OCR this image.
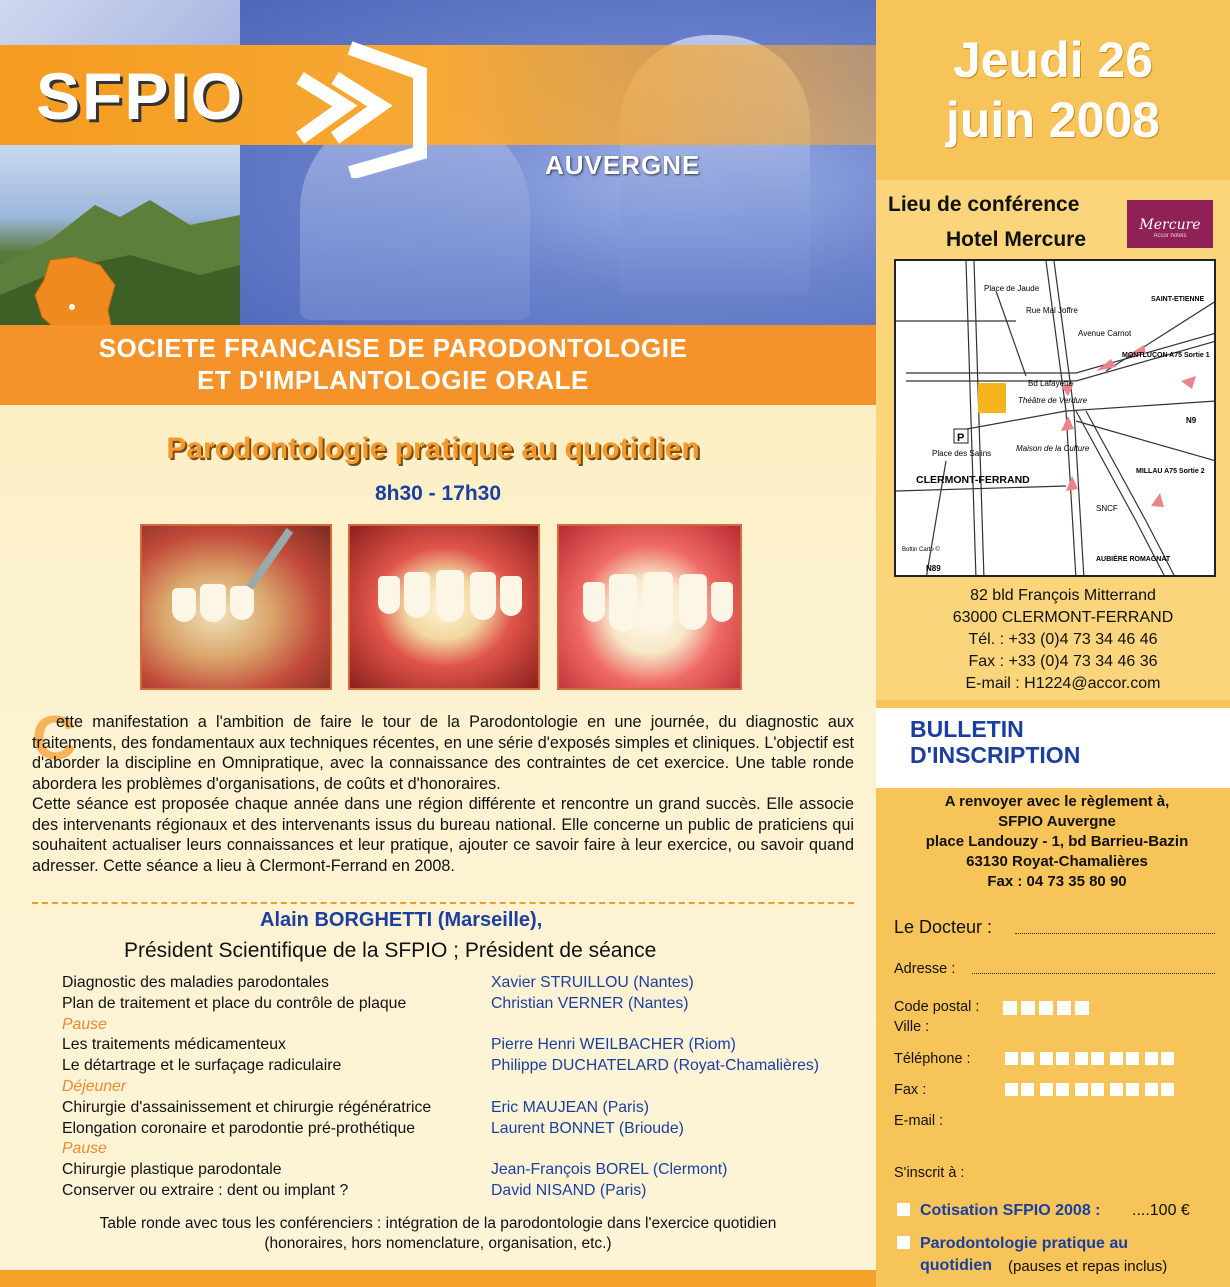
SFPIO
AUVERGNE
SOCIETE FRANCAISE DE PARODONTOLOGIE
ET D'IMPLANTOLOGIE ORALE
Parodontologie pratique au quotidien
8h30 - 17h30
C

ette manifestation a l'ambition de faire le tour de la Parodontologie en une journée, du diagnostic aux traitements, des fondamentaux aux techniques récentes, en une série d'exposés simples et cliniques. L'objectif est d'aborder la discipline en Omnipratique, avec la connaissance des contraintes de cet exercice. Une table ronde abordera les problèmes d'organisations, de coûts et d'honoraires.

Cette séance est proposée chaque année dans une région différente et rencontre un grand succès. Elle associe des intervenants régionaux et des intervenants issus du bureau national. Elle concerne un public de praticiens qui souhaitent actualiser leurs connaissances et leur pratique, ajouter ce savoir faire à leur exercice, ou savoir quand adresser. Cette séance a lieu à Clermont-Ferrand en 2008.

Alain BORGHETTI (Marseille),
Président Scientifique de la SFPIO ; Président de séance
Diagnostic des maladies parodontales	Xavier STRUILLOU (Nantes)
Plan de traitement et place du contrôle de plaque	Christian VERNER (Nantes)
Pause
Les traitements médicamenteux	Pierre Henri WEILBACHER (Riom)
Le détartrage et le surfaçage radiculaire	Philippe DUCHATELARD (Royat-Chamalières)
Déjeuner
Chirurgie d'assainissement et chirurgie régénératrice	Eric MAUJEAN (Paris)
Elongation coronaire et parodontie pré-prothétique	Laurent BONNET (Brioude)
Pause
Chirurgie plastique parodontale	Jean-François BOREL (Clermont)
Conserver ou extraire : dent ou implant ?	David NISAND (Paris)
Table ronde avec tous les conférenciers : intégration de la parodontologie dans l'exercice quotidien
(honoraires, hors nomenclature, organisation, etc.)
Jeudi 26
juin 2008
Lieu de conférence
Hotel Mercure
Mercure
Accor hotels
P
Place de Jaude
Rue Mal Joffre
Avenue Carnot
SAINT-ETIENNE
MONTLUÇON A75 Sortie 1
Bd Lafayette
Théâtre de Verdure
N9
Place des Salins
Maison de la Culture
MILLAU A75 Sortie 2
SNCF
AUBIÈRE ROMAGNAT
N89
Bottin Carto ©
CLERMONT-FERRAND
82 bld François Mitterrand
63000 CLERMONT-FERRAND
Tél. : +33 (0)4 73 34 46 46
Fax : +33 (0)4 73 34 46 36
E-mail : H1224@accor.com
BULLETIN
D'INSCRIPTION
A renvoyer avec le règlement à,
SFPIO Auvergne
place Landouzy - 1, bd Barrieu-Bazin
63130 Royat-Chamalières
Fax : 04 73 35 80 90
Le Docteur :
Adresse :
Code postal :
Ville :
Téléphone :
Fax :
E-mail :
S'inscrit à :
Cotisation SFPIO 2008 : ....100 €
Parodontologie pratique au
quotidien (pauses et repas inclus)
